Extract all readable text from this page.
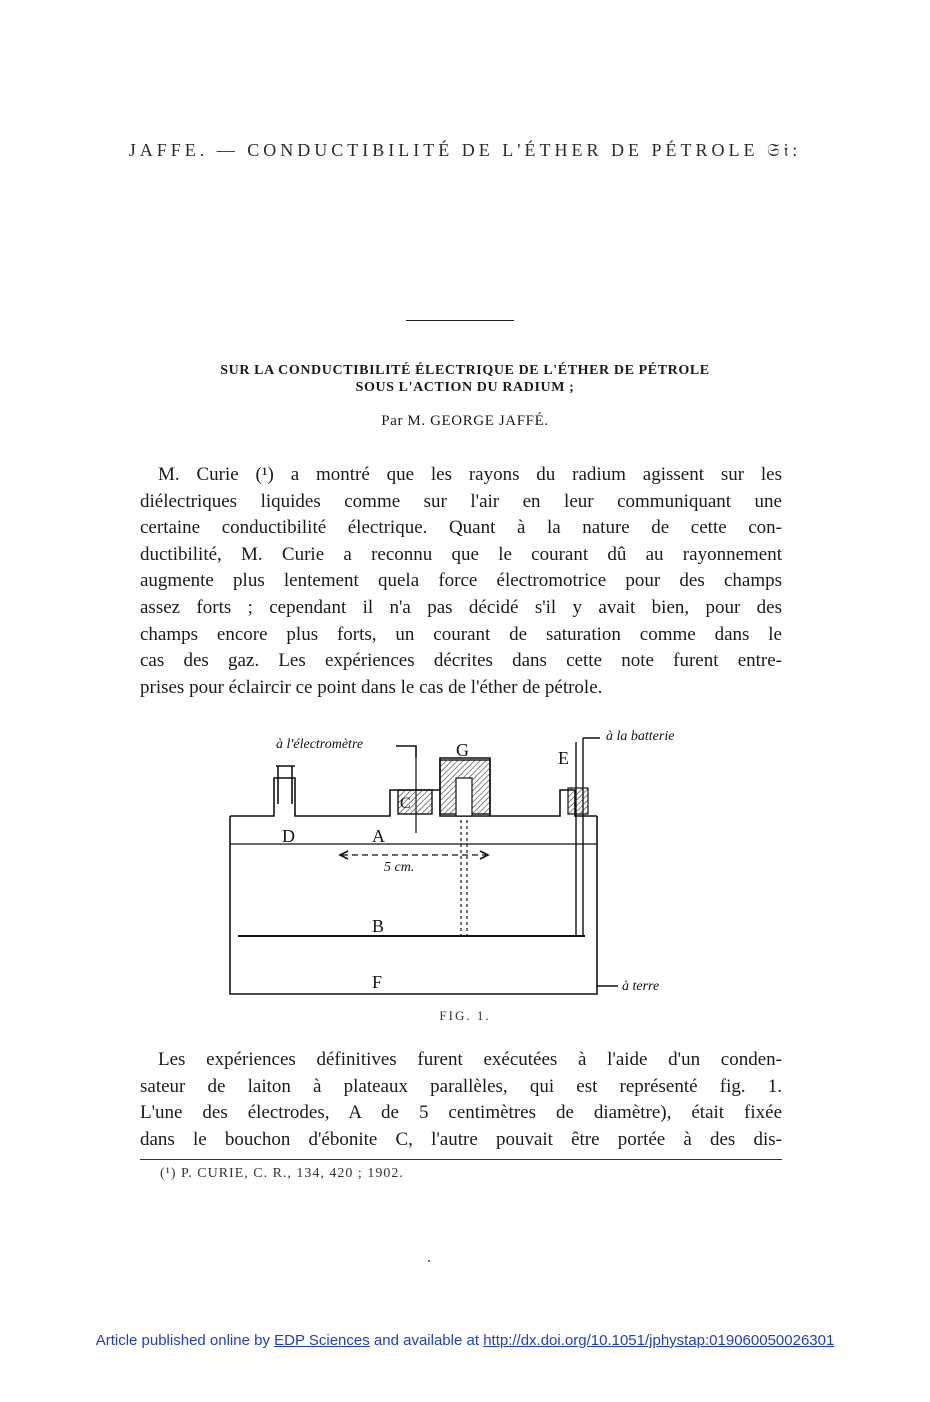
JAFFE. — CONDUCTIBILITÉ DE L'ÉTHER DE PÉTROLE 𝔖𝔦:
SUR LA CONDUCTIBILITÉ ÉLECTRIQUE DE L'ÉTHER DE PÉTROLE
SOUS L'ACTION DU RADIUM ;
Par M. GEORGE JAFFÉ.
M. Curie (¹) a montré que les rayons du radium agissent sur les
diélectriques liquides comme sur l'air en leur communiquant une
certaine conductibilité électrique. Quant à la nature de cette con-
ductibilité, M. Curie a reconnu que le courant dû au rayonnement
augmente plus lentement quela force électromotrice pour des champs
assez forts ; cependant il n'a pas décidé s'il y avait bien, pour des
champs encore plus forts, un courant de saturation comme dans le
cas des gaz. Les expériences décrites dans cette note furent entre-
prises pour éclaircir ce point dans le cas de l'éther de pétrole.
G	E
C
D	A
B
F
5 cm.
à l'électromètre
à la batterie
à terre
FIG. 1.
Les expériences définitives furent exécutées à l'aide d'un conden-
sateur de laiton à plateaux parallèles, qui est représenté fig. 1.
L'une des électrodes, A de 5 centimètres de diamètre), était fixée
dans le bouchon d'ébonite C, l'autre pouvait être portée à des dis-
(¹) P. CURIE, C. R., 134, 420 ; 1902.
Article published online by EDP Sciences and available at http://dx.doi.org/10.1051/jphystap:019060050026301
